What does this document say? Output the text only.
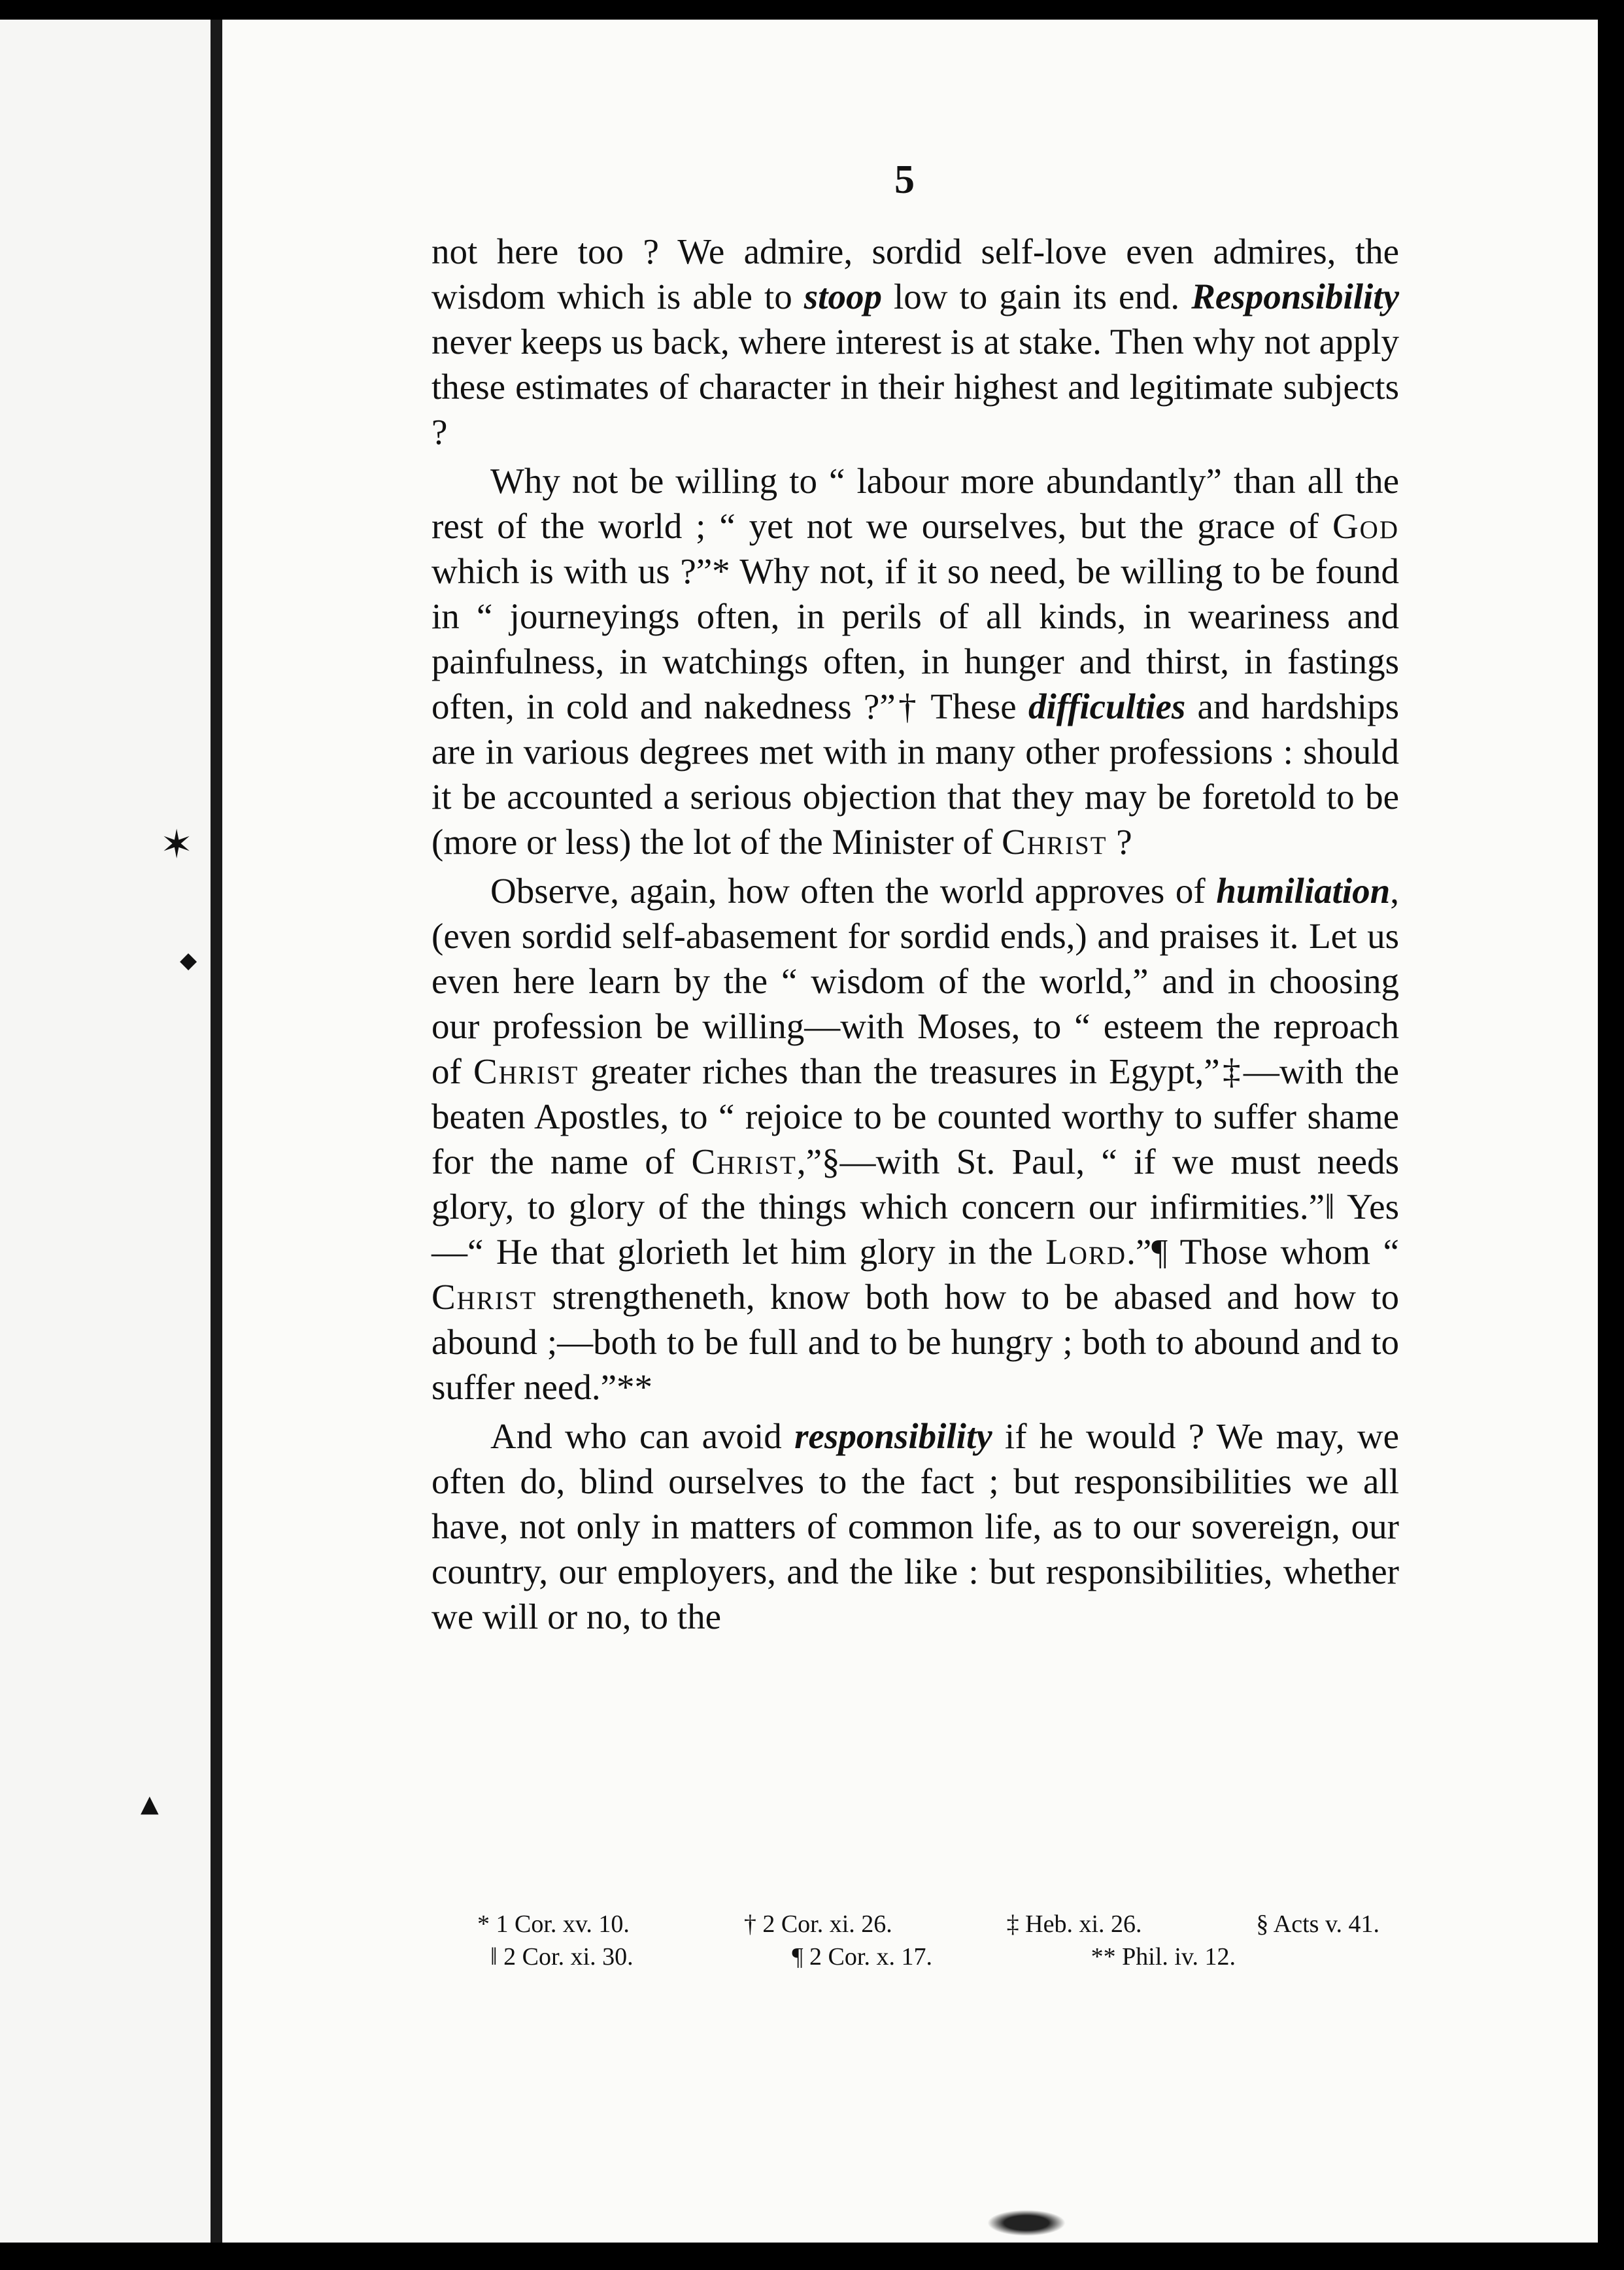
✶
◆
▲
5

not here too ? We admire, sordid self-love even admires, the wisdom which is able to stoop low to gain its end. Responsibility never keeps us back, where interest is at stake. Then why not apply these estimates of character in their highest and legitimate subjects ?

Why not be willing to “ labour more abundantly” than all the rest of the world ; “ yet not we ourselves, but the grace of God which is with us ?”* Why not, if it so need, be willing to be found in “ journeyings often, in perils of all kinds, in weariness and painfulness, in watchings often, in hunger and thirst, in fastings often, in cold and nakedness ?”† These difficulties and hardships are in various degrees met with in many other professions : should it be accounted a serious objection that they may be foretold to be (more or less) the lot of the Minister of Christ ?

Observe, again, how often the world approves of humiliation, (even sordid self-abasement for sordid ends,) and praises it. Let us even here learn by the “ wisdom of the world,” and in choosing our profession be willing—with Moses, to “ esteem the reproach of Christ greater riches than the treasures in Egypt,”‡—with the beaten Apostles, to “ rejoice to be counted worthy to suffer shame for the name of Christ,”§—with St. Paul, “ if we must needs glory, to glory of the things which concern our infirmities.”‖ Yes—“ He that glorieth let him glory in the Lord.”¶ Those whom “ Christ strengtheneth, know both how to be abased and how to abound ;—both to be full and to be hungry ; both to abound and to suffer need.”**

And who can avoid responsibility if he would ? We may, we often do, blind ourselves to the fact ; but responsibilities we all have, not only in matters of common life, as to our sovereign, our country, our employers, and the like : but responsibilities, whether we will or no, to the

* 1 Cor. xv. 10.	† 2 Cor. xi. 26.	‡ Heb. xi. 26.	§ Acts v. 41.
‖ 2 Cor. xi. 30.	¶ 2 Cor. x. 17.	** Phil. iv. 12.
